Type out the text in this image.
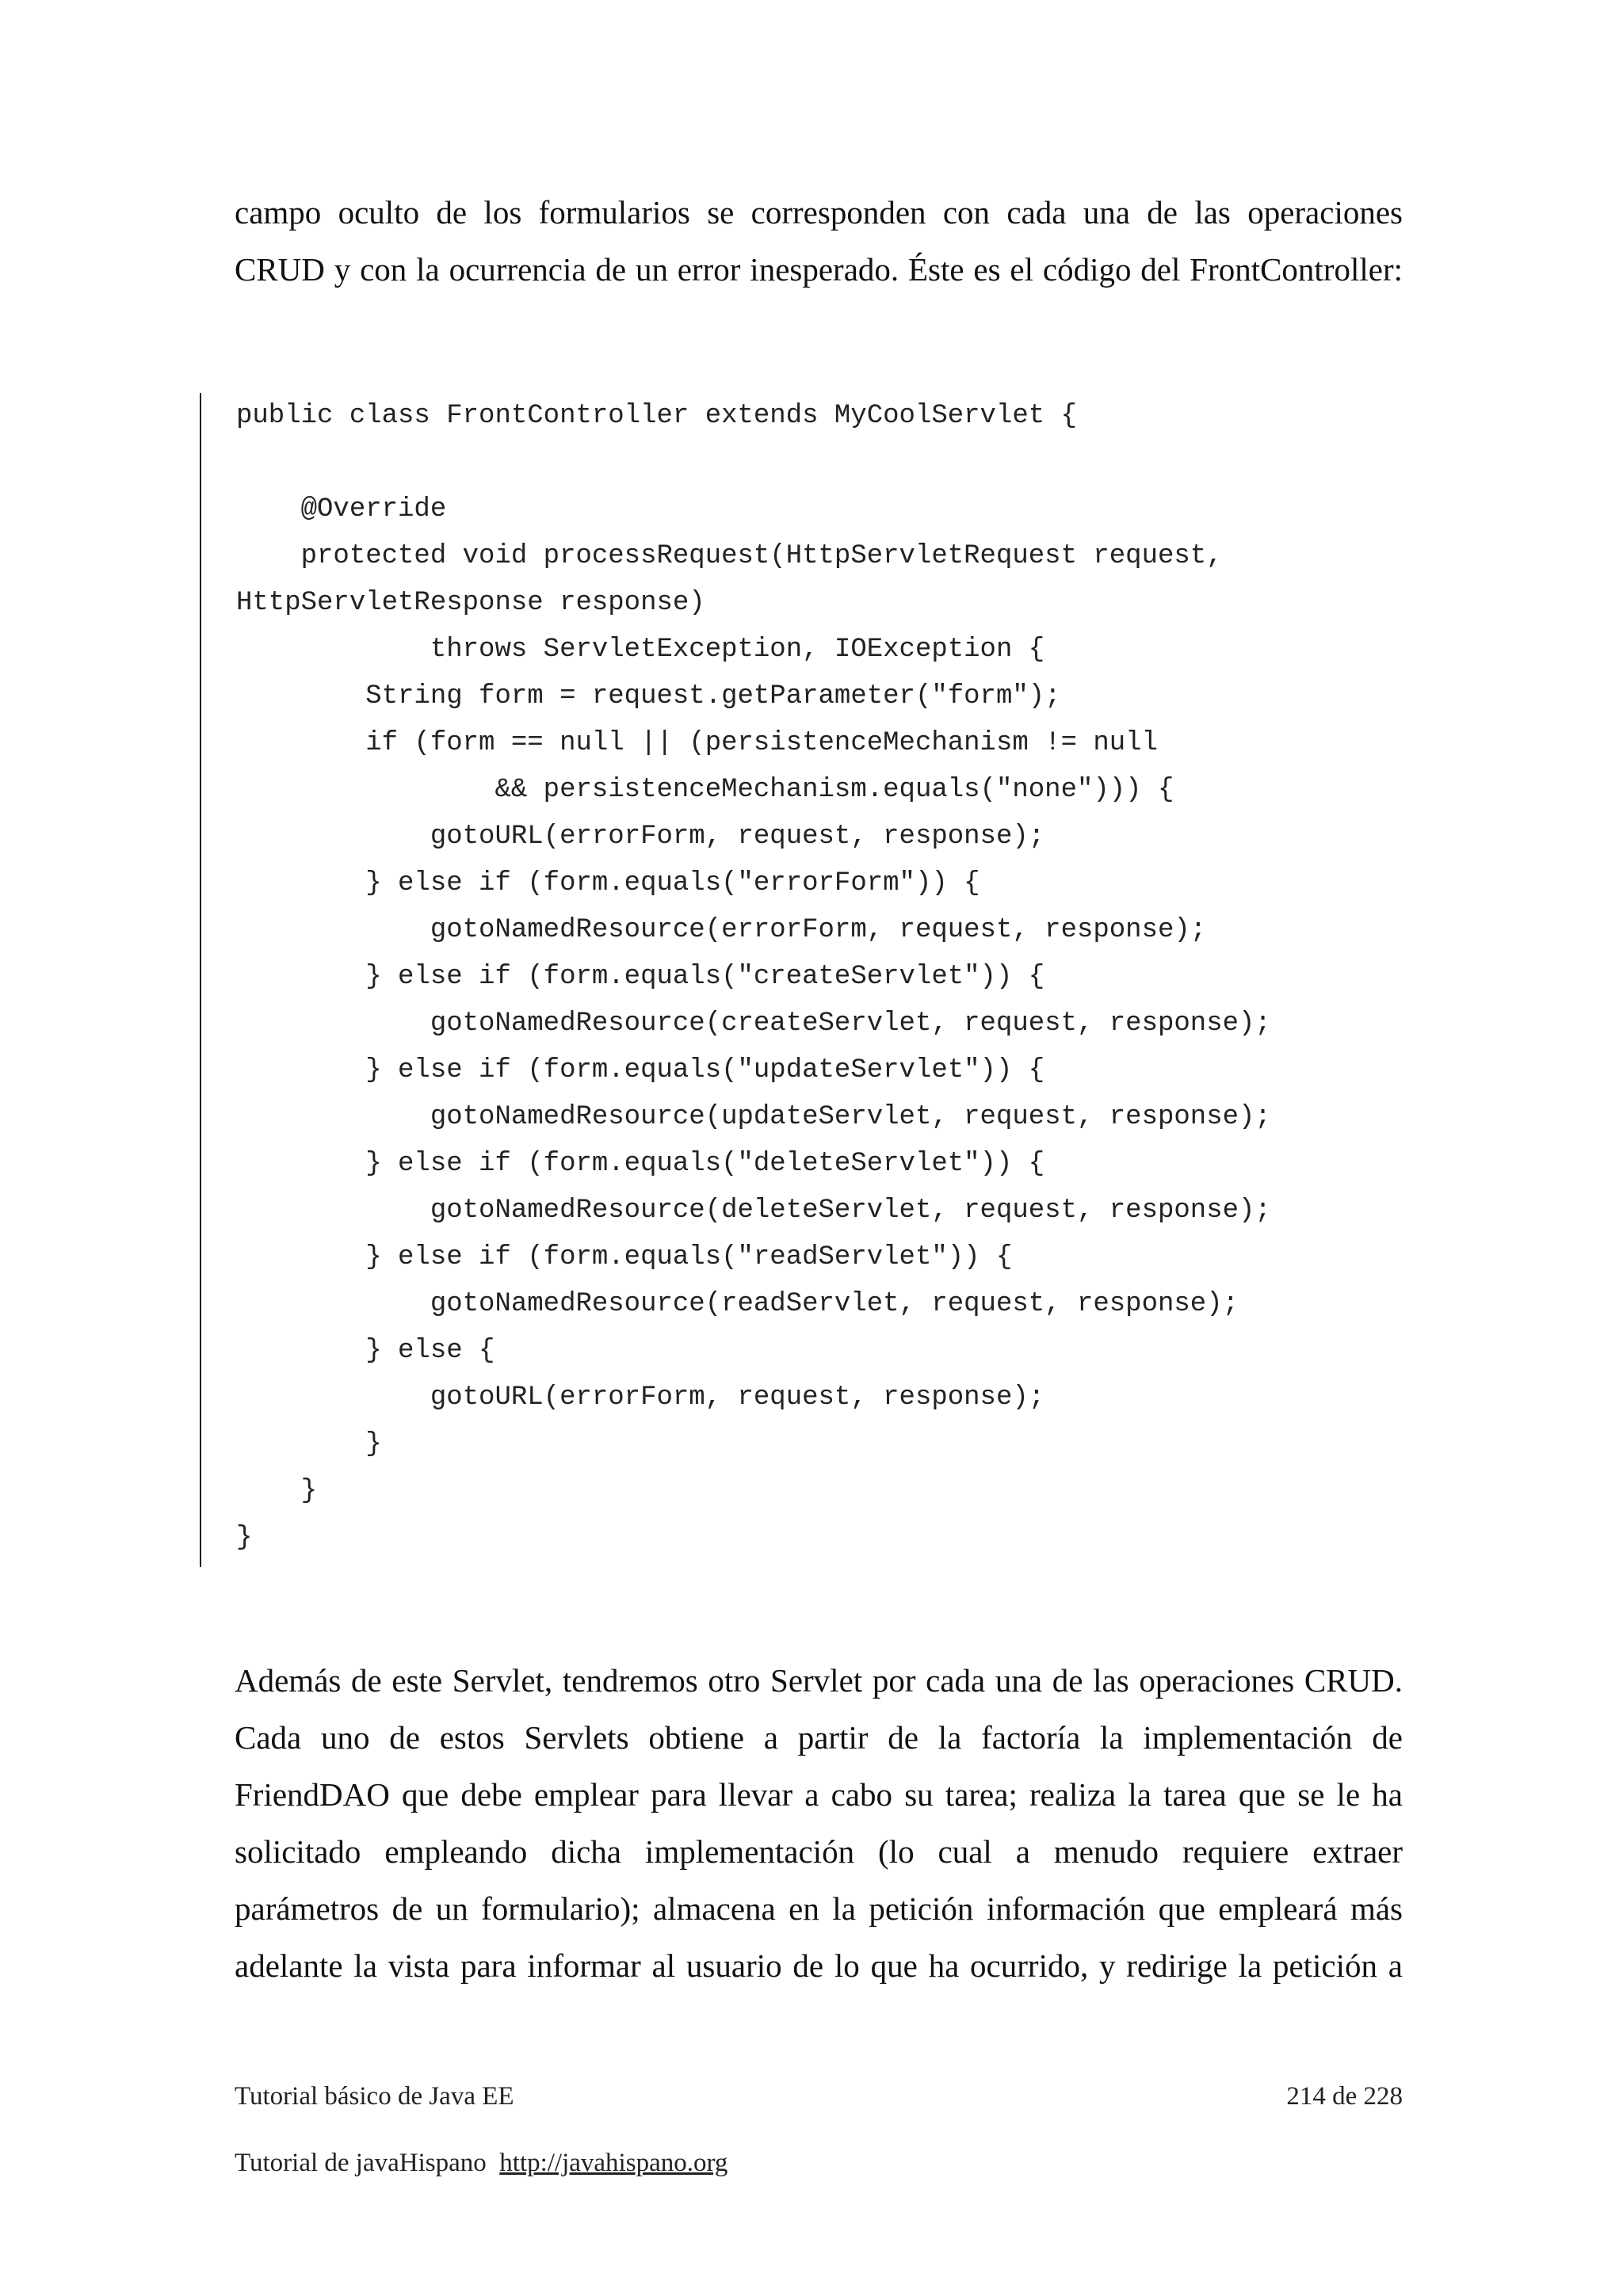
campo oculto de los formularios se corresponden con cada una de las operaciones
CRUD y con la ocurrencia de un error inesperado. Éste es el código del FrontController:
public class FrontController extends MyCoolServlet {

@Override
protected void processRequest(HttpServletRequest request,
HttpServletResponse response)
throws ServletException, IOException {
String form = request.getParameter("form");
if (form == null || (persistenceMechanism != null
&& persistenceMechanism.equals("none"))) {
gotoURL(errorForm, request, response);
} else if (form.equals("errorForm")) {
gotoNamedResource(errorForm, request, response);
} else if (form.equals("createServlet")) {
gotoNamedResource(createServlet, request, response);
} else if (form.equals("updateServlet")) {
gotoNamedResource(updateServlet, request, response);
} else if (form.equals("deleteServlet")) {
gotoNamedResource(deleteServlet, request, response);
} else if (form.equals("readServlet")) {
gotoNamedResource(readServlet, request, response);
} else {
gotoURL(errorForm, request, response);
}
}
}
Además de este Servlet, tendremos otro Servlet por cada una de las operaciones CRUD.
Cada uno de estos Servlets obtiene a partir de la factoría la implementación de
FriendDAO que debe emplear para llevar a cabo su tarea; realiza la tarea que se le ha
solicitado empleando dicha implementación (lo cual a menudo requiere extraer
parámetros de un formulario); almacena en la petición información que empleará más
adelante la vista para informar al usuario de lo que ha ocurrido, y redirige la petición a
Tutorial básico de Java EE	214 de 228
Tutorial de javaHispano http://javahispano.org
